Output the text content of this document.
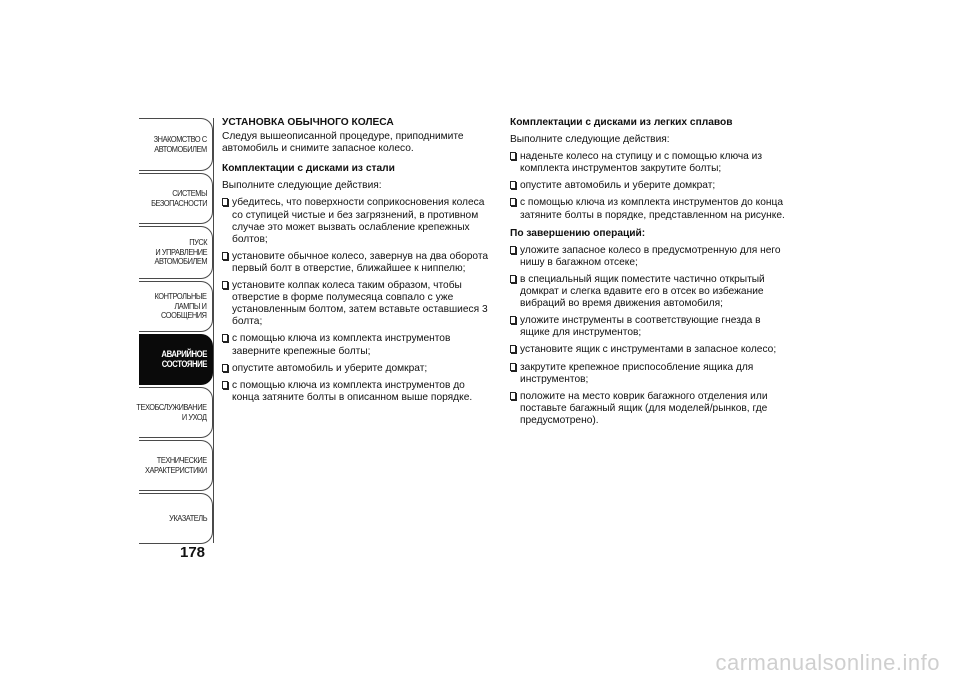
ЗНАКОМСТВО С
АВТОМОБИЛЕМ
СИСТЕМЫ
БЕЗОПАСНОСТИ
ПУСК
И УПРАВЛЕНИЕ
АВТОМОБИЛЕМ
КОНТРОЛЬНЫЕ
ЛАМПЫ И
СООБЩЕНИЯ
АВАРИЙНОЕ
СОСТОЯНИЕ
ТЕХОБСЛУЖИВАНИЕ
И УХОД
ТЕХНИЧЕСКИЕ
ХАРАКТЕРИСТИКИ
УКАЗАТЕЛЬ
178

УСТАНОВКА ОБЫЧНОГО КОЛЕСА

Следуя вышеописанной процедуре, приподнимите автомобиль и снимите запасное колесо.

Комплектации с дисками из стали

Выполните следующие действия:

убедитесь, что поверхности соприкосновения колеса со ступицей чистые и без загрязнений, в противном случае это может вызвать ослабление крепежных болтов;
установите обычное колесо, завернув на два оборота первый болт в отверстие, ближайшее к ниппелю;
установите колпак колеса таким образом, чтобы отверстие в форме полумесяца совпало с уже установленным болтом, затем вставьте оставшиеся 3 болта;
с помощью ключа из комплекта инструментов заверните крепежные болты;
опустите автомобиль и уберите домкрат;
с помощью ключа из комплекта инструментов до конца затяните болты в описанном выше порядке.

Комплектации с дисками из легких сплавов

Выполните следующие действия:

наденьте колесо на ступицу и с помощью ключа из комплекта инструментов закрутите болты;
опустите автомобиль и уберите домкрат;
с помощью ключа из комплекта инструментов до конца затяните болты в порядке, представленном на рисунке.

По завершению операций:

уложите запасное колесо в предусмотренную для него нишу в багажном отсеке;
в специальный ящик поместите частично открытый домкрат и слегка вдавите его в отсек во избежание вибраций во время движения автомобиля;
уложите инструменты в соответствующие гнезда в ящике для инструментов;
установите ящик с инструментами в запасное колесо;
закрутите крепежное приспособление ящика для инструментов;
положите на место коврик багажного отделения или поставьте багажный ящик (для моделей/рынков, где предусмотрено).
carmanualsonline.info
